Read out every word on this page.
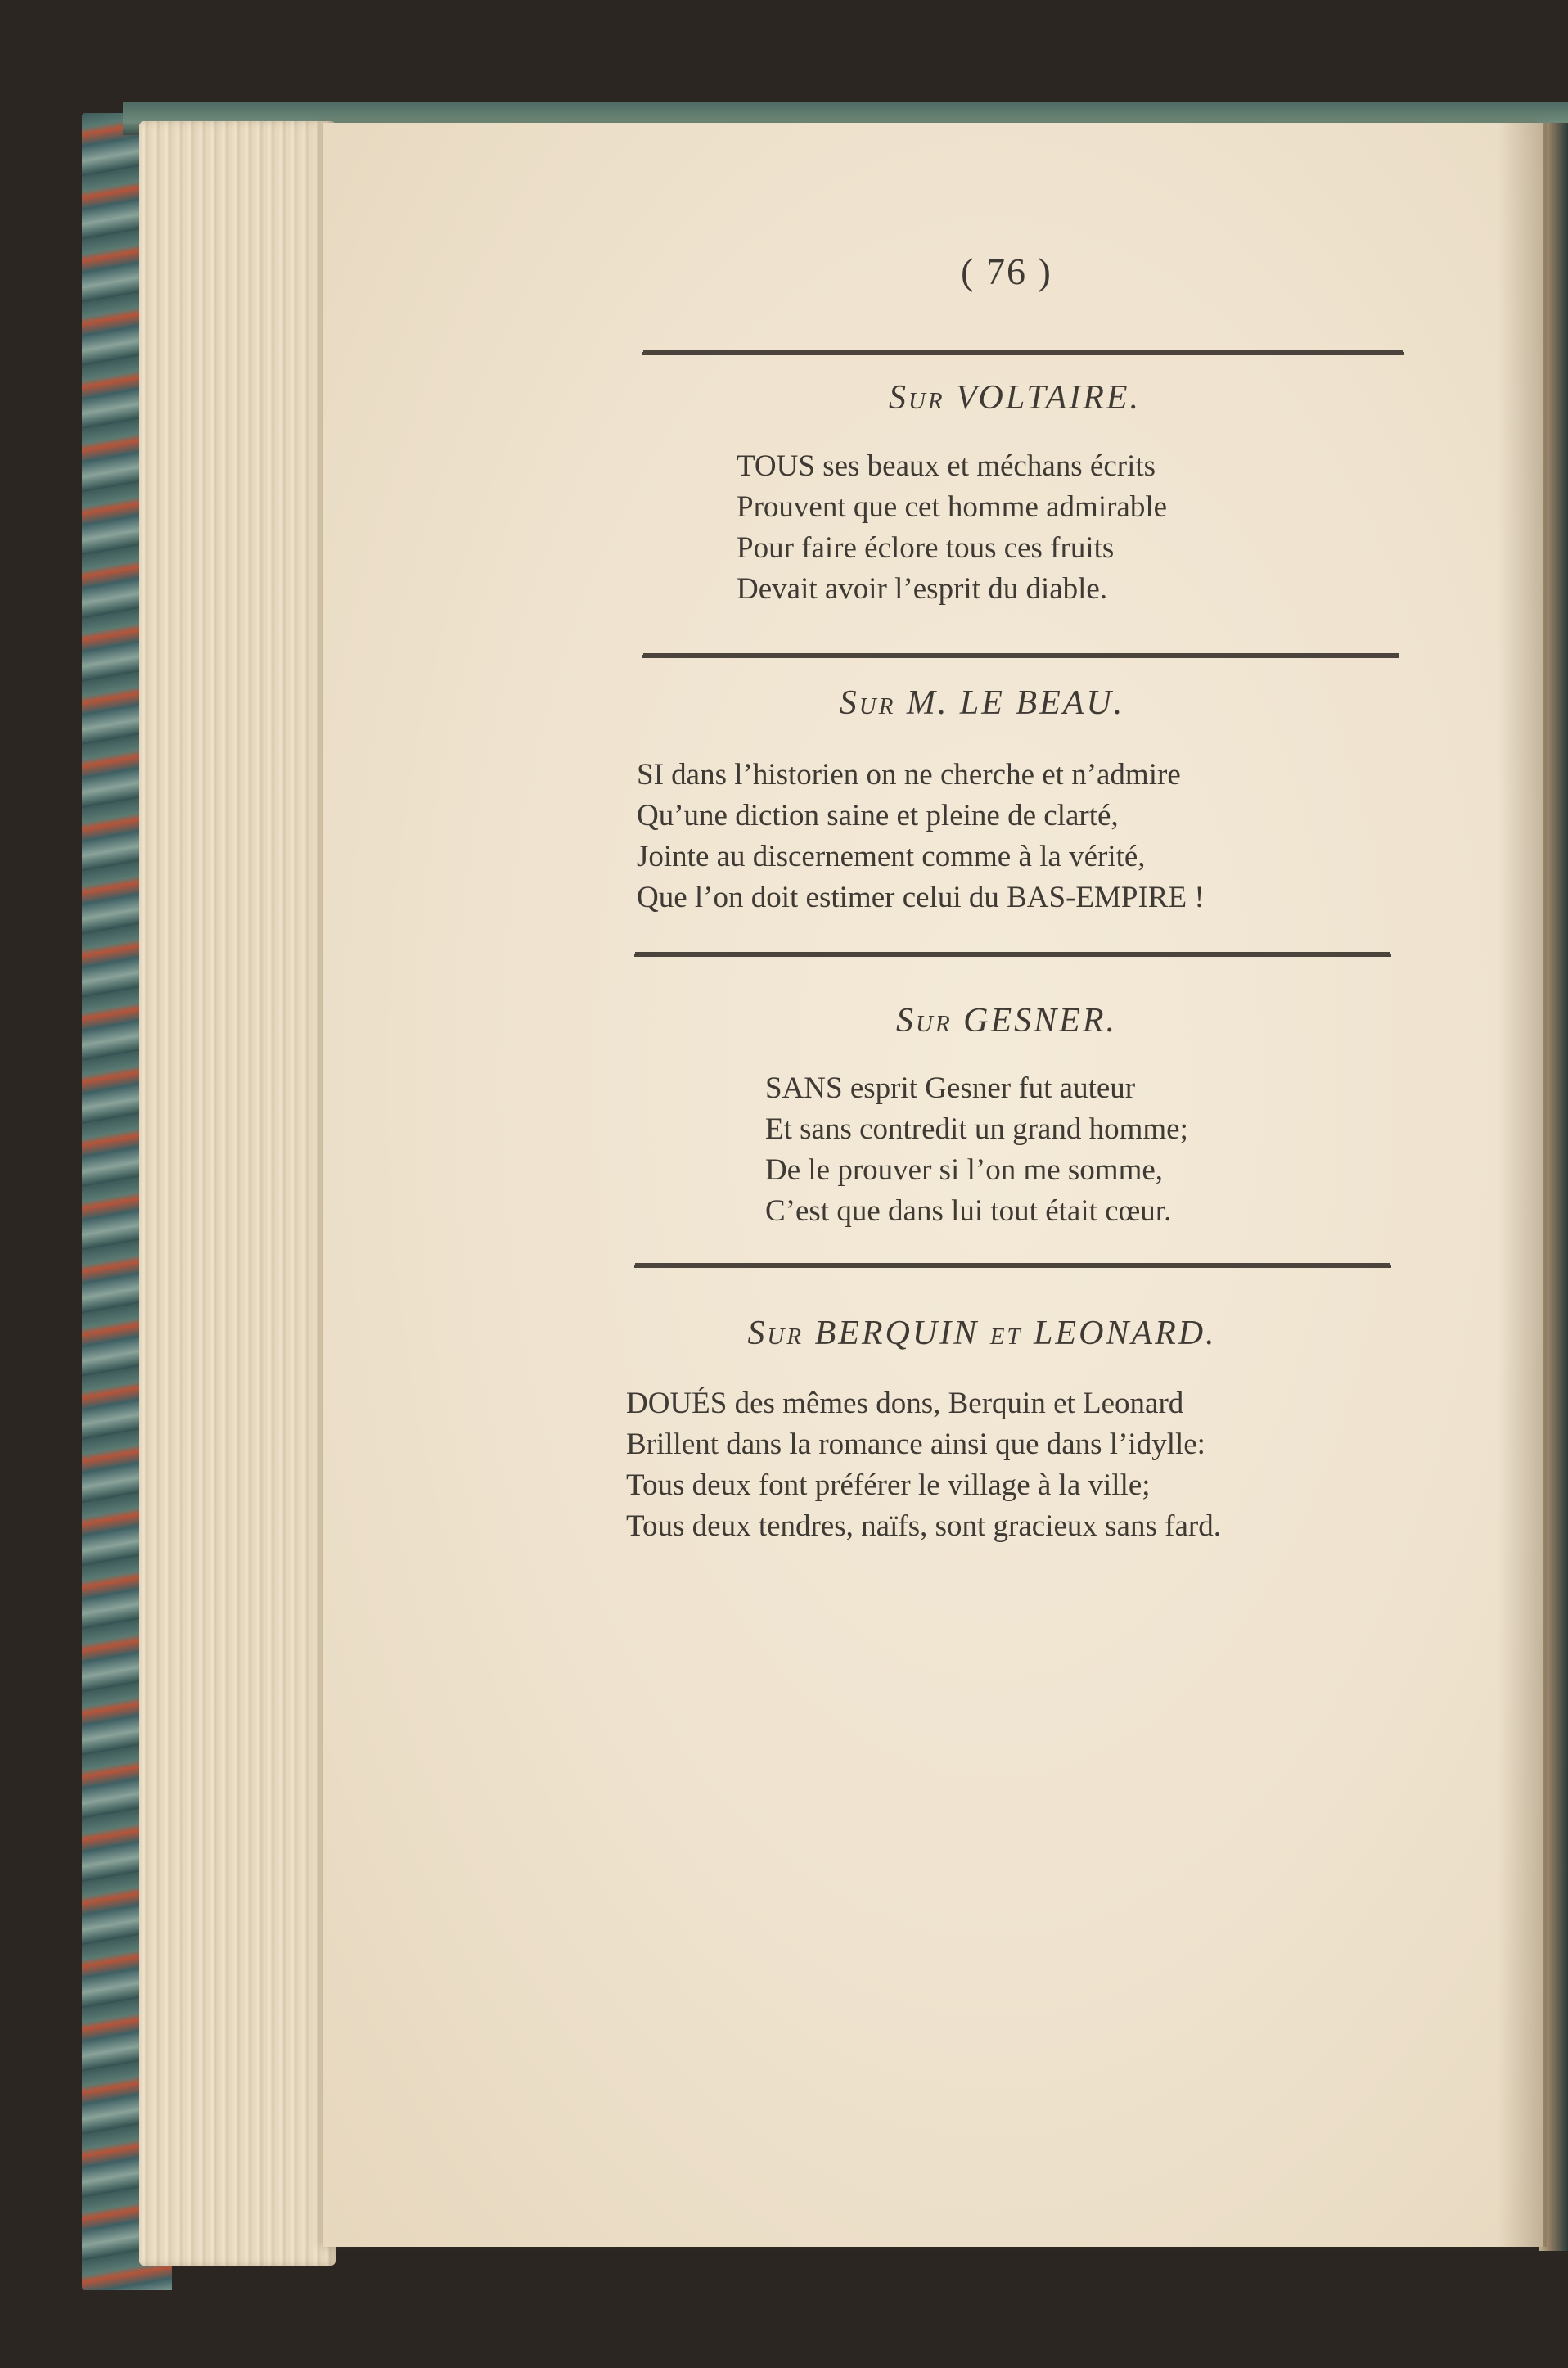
( 76 )
Sur VOLTAIRE.
TOUS ses beaux et méchans écrits
Prouvent que cet homme admirable
Pour faire éclore tous ces fruits
Devait avoir l’esprit du diable.
Sur M. LE BEAU.
SI dans l’historien on ne cherche et n’admire
Qu’une diction saine et pleine de clarté,
Jointe au discernement comme à la vérité,
Que l’on doit estimer celui du BAS-EMPIRE !
Sur GESNER.
SANS esprit Gesner fut auteur
Et sans contredit un grand homme;
De le prouver si l’on me somme,
C’est que dans lui tout était cœur.
Sur BERQUIN et LEONARD.
DOUÉS des mêmes dons, Berquin et Leonard
Brillent dans la romance ainsi que dans l’idylle:
Tous deux font préférer le village à la ville;
Tous deux tendres, naïfs, sont gracieux sans fard.
